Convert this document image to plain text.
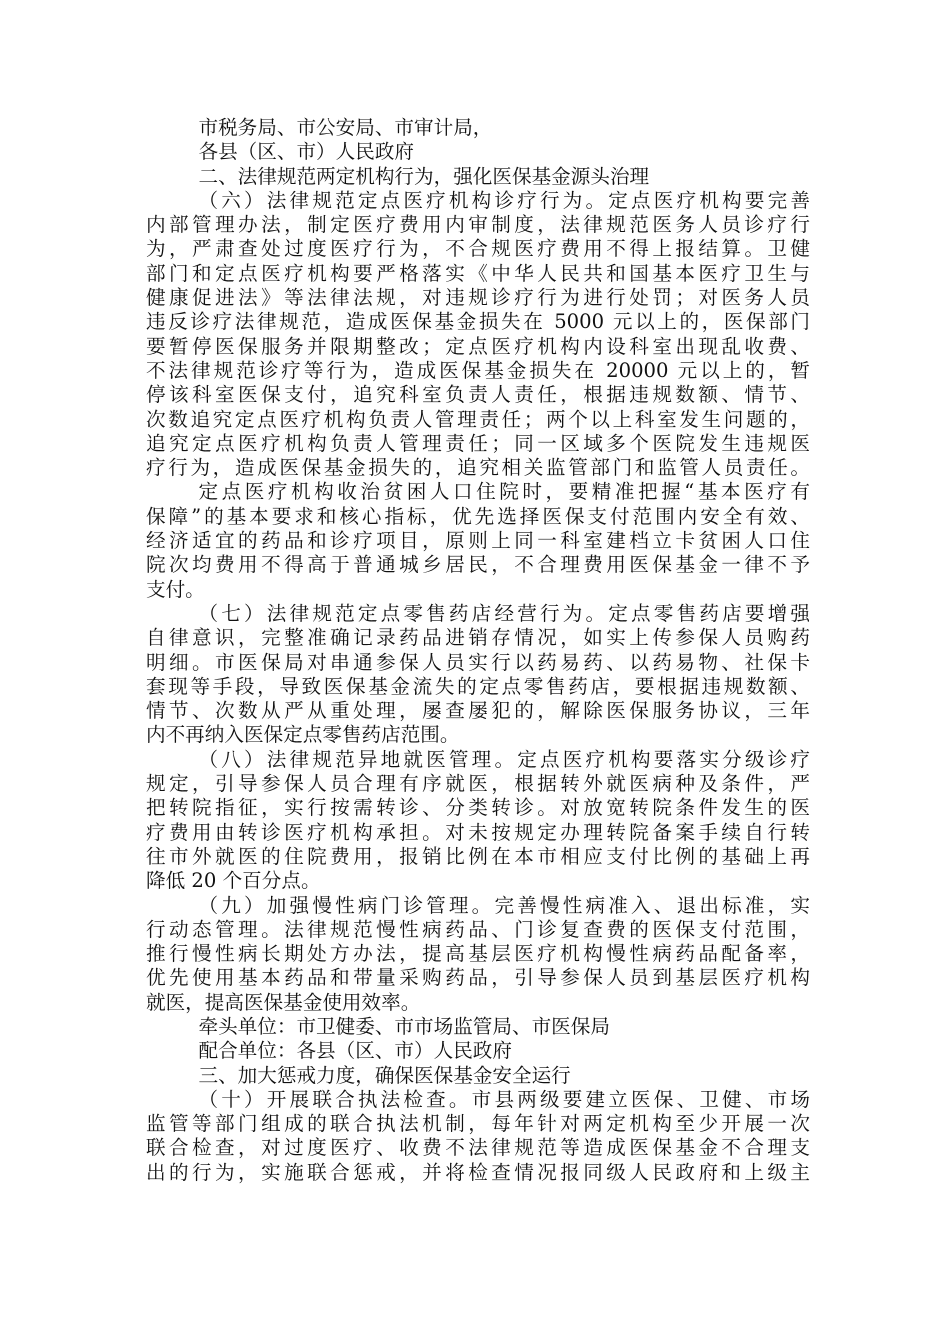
市税务局、市公安局、市审计局，
各县（区、市）人民政府
二、法律规范两定机构行为，强化医保基金源头治理
（六）法律规范定点医疗机构诊疗行为。定点医疗机构要完善
内部管理办法，制定医疗费用内审制度，法律规范医务人员诊疗行
为，严肃查处过度医疗行为，不合规医疗费用不得上报结算。卫健
部门和定点医疗机构要严格落实《中华人民共和国基本医疗卫生与
健康促进法》等法律法规，对违规诊疗行为进行处罚；对医务人员
违反诊疗法律规范，造成医保基金损失在 5000 元以上的，医保部门
要暂停医保服务并限期整改；定点医疗机构内设科室出现乱收费、
不法律规范诊疗等行为，造成医保基金损失在 20000 元以上的，暂
停该科室医保支付，追究科室负责人责任，根据违规数额、情节、
次数追究定点医疗机构负责人管理责任；两个以上科室发生问题的，
追究定点医疗机构负责人管理责任；同一区域多个医院发生违规医
疗行为，造成医保基金损失的，追究相关监管部门和监管人员责任。
定点医疗机构收治贫困人口住院时，要精准把握“基本医疗有
保障”的基本要求和核心指标，优先选择医保支付范围内安全有效、
经济适宜的药品和诊疗项目，原则上同一科室建档立卡贫困人口住
院次均费用不得高于普通城乡居民，不合理费用医保基金一律不予
支付。
（七）法律规范定点零售药店经营行为。定点零售药店要增强
自律意识，完整准确记录药品进销存情况，如实上传参保人员购药
明细。市医保局对串通参保人员实行以药易药、以药易物、社保卡
套现等手段，导致医保基金流失的定点零售药店，要根据违规数额、
情节、次数从严从重处理，屡查屡犯的，解除医保服务协议，三年
内不再纳入医保定点零售药店范围。
（八）法律规范异地就医管理。定点医疗机构要落实分级诊疗
规定，引导参保人员合理有序就医，根据转外就医病种及条件，严
把转院指征，实行按需转诊、分类转诊。对放宽转院条件发生的医
疗费用由转诊医疗机构承担。对未按规定办理转院备案手续自行转
往市外就医的住院费用，报销比例在本市相应支付比例的基础上再
降低 20 个百分点。
（九）加强慢性病门诊管理。完善慢性病准入、退出标准，实
行动态管理。法律规范慢性病药品、门诊复查费的医保支付范围，
推行慢性病长期处方办法，提高基层医疗机构慢性病药品配备率，
优先使用基本药品和带量采购药品，引导参保人员到基层医疗机构
就医，提高医保基金使用效率。
牵头单位：市卫健委、市市场监管局、市医保局
配合单位：各县（区、市）人民政府
三、加大惩戒力度，确保医保基金安全运行
（十）开展联合执法检查。市县两级要建立医保、卫健、市场
监管等部门组成的联合执法机制，每年针对两定机构至少开展一次
联合检查，对过度医疗、收费不法律规范等造成医保基金不合理支
出的行为，实施联合惩戒，并将检查情况报同级人民政府和上级主
